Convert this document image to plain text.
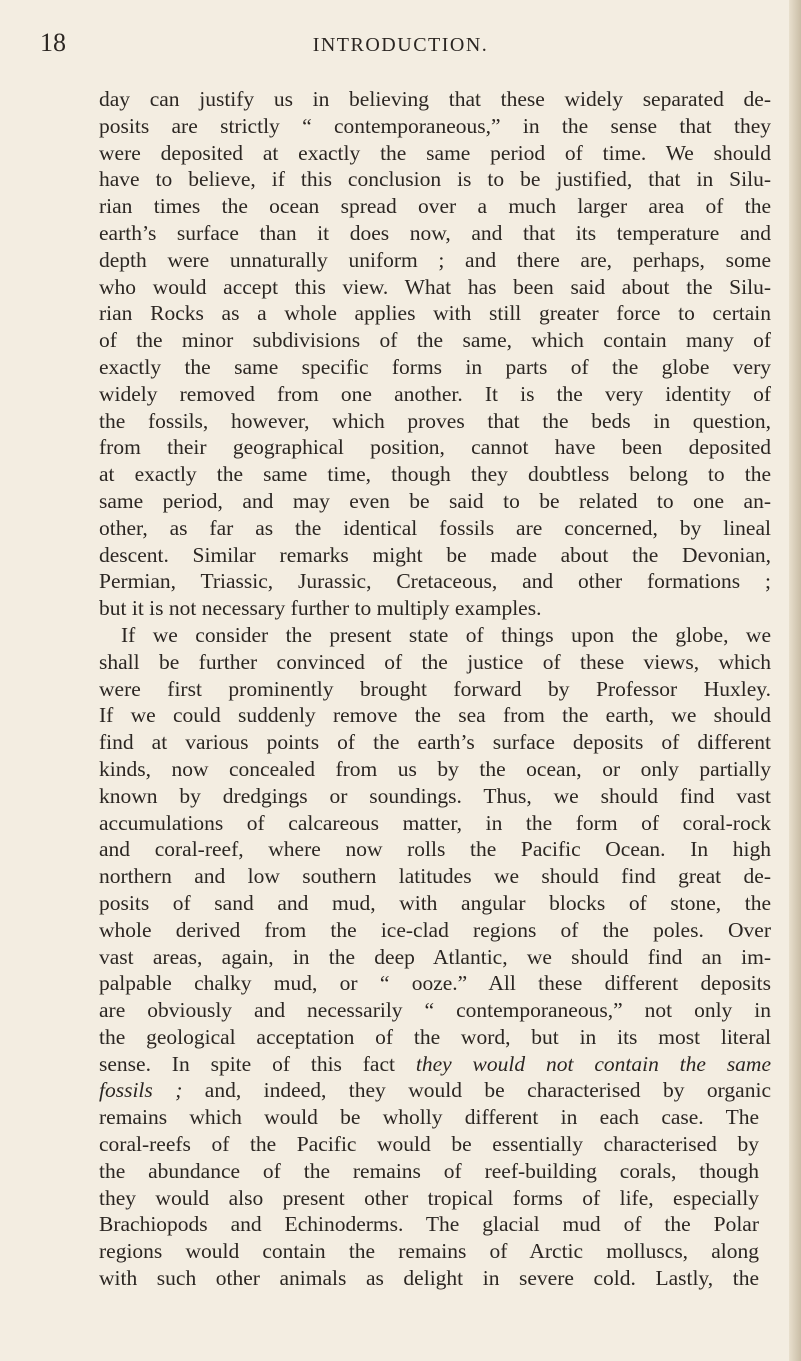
18	INTRODUCTION.
day can justify us in believing that these widely separated de-
posits are strictly “ contemporaneous,” in the sense that they
were deposited at exactly the same period of time. We should
have to believe, if this conclusion is to be justified, that in Silu-
rian times the ocean spread over a much larger area of the
earth’s surface than it does now, and that its temperature and
depth were unnaturally uniform ; and there are, perhaps, some
who would accept this view. What has been said about the Silu-
rian Rocks as a whole applies with still greater force to certain
of the minor subdivisions of the same, which contain many of
exactly the same specific forms in parts of the globe very
widely removed from one another. It is the very identity of
the fossils, however, which proves that the beds in question,
from their geographical position, cannot have been deposited
at exactly the same time, though they doubtless belong to the
same period, and may even be said to be related to one an-
other, as far as the identical fossils are concerned, by lineal
descent. Similar remarks might be made about the Devonian,
Permian, Triassic, Jurassic, Cretaceous, and other formations ;
but it is not necessary further to multiply examples.
If we consider the present state of things upon the globe, we
shall be further convinced of the justice of these views, which
were first prominently brought forward by Professor Huxley.
If we could suddenly remove the sea from the earth, we should
find at various points of the earth’s surface deposits of different
kinds, now concealed from us by the ocean, or only partially
known by dredgings or soundings. Thus, we should find vast
accumulations of calcareous matter, in the form of coral-rock
and coral-reef, where now rolls the Pacific Ocean. In high
northern and low southern latitudes we should find great de-
posits of sand and mud, with angular blocks of stone, the
whole derived from the ice-clad regions of the poles. Over
vast areas, again, in the deep Atlantic, we should find an im-
palpable chalky mud, or “ ooze.” All these different deposits
are obviously and necessarily “ contemporaneous,” not only in
the geological acceptation of the word, but in its most literal
sense. In spite of this fact they would not contain the same
fossils ; and, indeed, they would be characterised by organic
remains which would be wholly different in each case. The
coral-reefs of the Pacific would be essentially characterised by
the abundance of the remains of reef-building corals, though
they would also present other tropical forms of life, especially
Brachiopods and Echinoderms. The glacial mud of the Polar
regions would contain the remains of Arctic molluscs, along
with such other animals as delight in severe cold. Lastly, the
